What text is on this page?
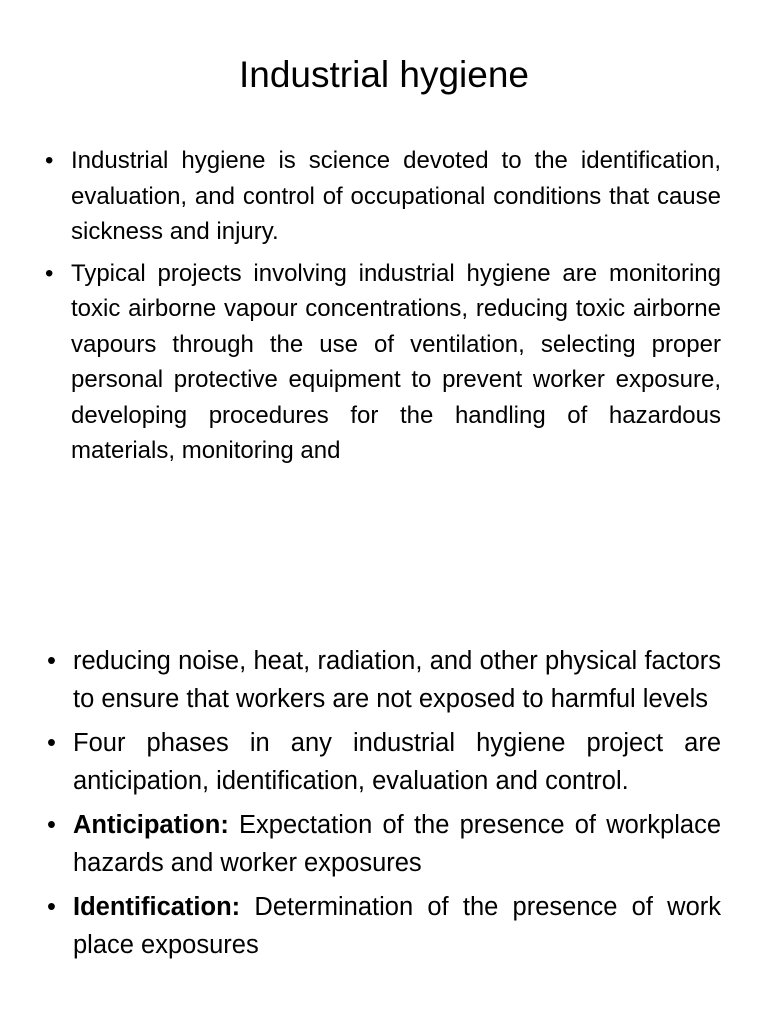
Industrial hygiene
• Industrial hygiene is science devoted to the identification, evaluation, and control of occupational conditions that cause sickness and injury.
• Typical projects involving industrial hygiene are monitoring toxic airborne vapour concentrations, reducing toxic airborne vapours through the use of ventilation, selecting proper personal protective equipment to prevent worker exposure, developing procedures for the handling of hazardous materials, monitoring and
• reducing noise, heat, radiation, and other physical factors to ensure that workers are not exposed to harmful levels
• Four phases in any industrial hygiene project are anticipation, identification, evaluation and control.
• Anticipation: Expectation of the presence of workplace hazards and worker exposures
• Identification: Determination of the presence of work place exposures
